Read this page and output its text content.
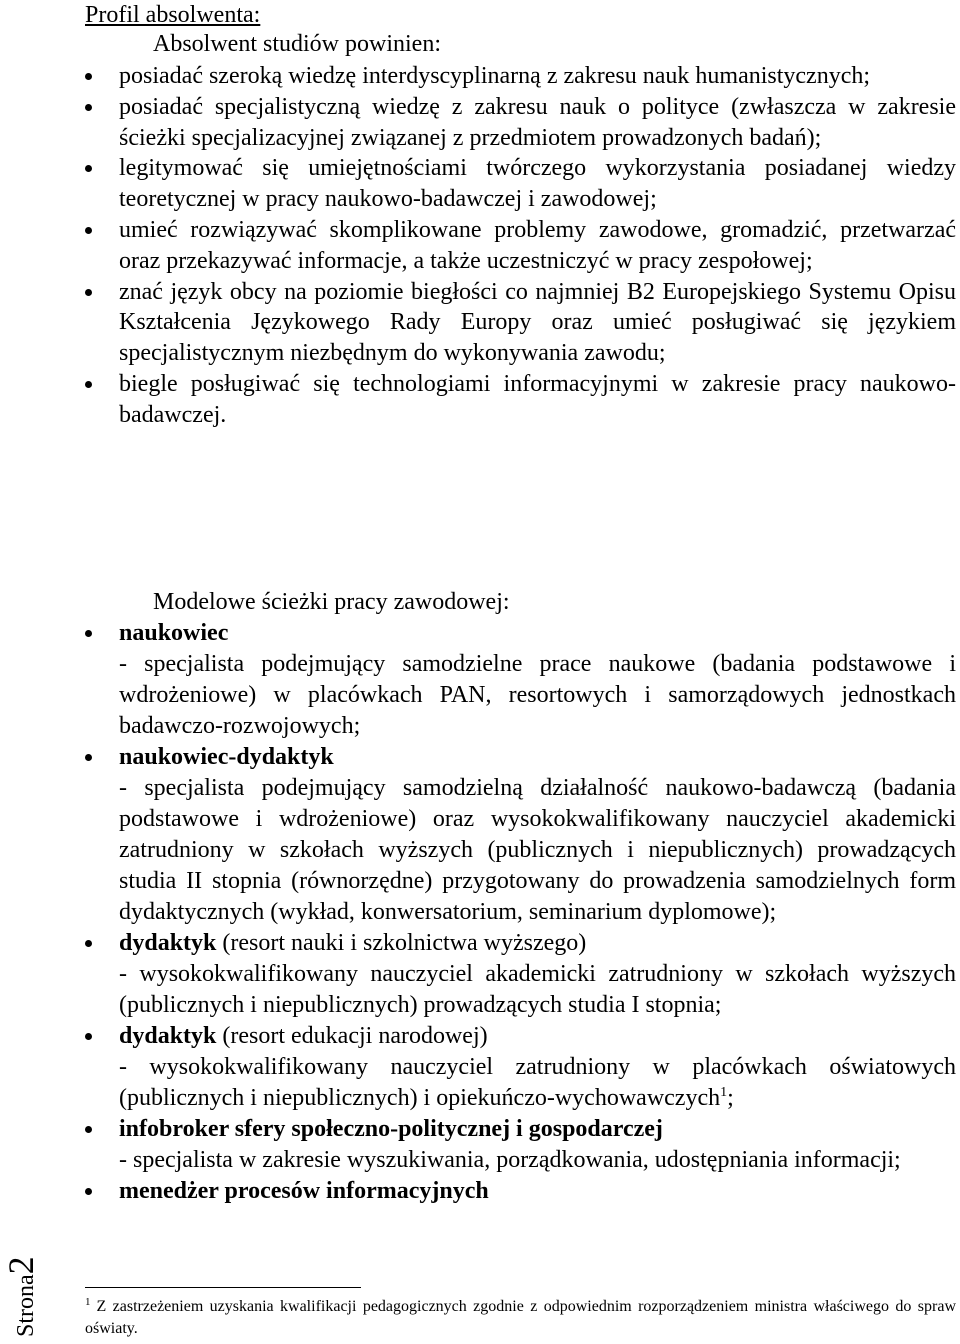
Profil absolwenta:
Absolwent studiów powinien:
posiadać szeroką wiedzę interdyscyplinarną z zakresu nauk humanistycznych;
posiadać specjalistyczną wiedzę z zakresu nauk o polityce (zwłaszcza w zakresie ścieżki specjalizacyjnej związanej z przedmiotem prowadzonych badań);
legitymować się umiejętnościami twórczego wykorzystania posiadanej wiedzy teoretycznej w pracy naukowo-badawczej i zawodowej;
umieć rozwiązywać skomplikowane problemy zawodowe, gromadzić, przetwarzać oraz przekazywać informacje, a także uczestniczyć w pracy zespołowej;
znać język obcy na poziomie biegłości co najmniej B2 Europejskiego Systemu Opisu Kształcenia Językowego Rady Europy oraz umieć posługiwać się językiem specjalistycznym niezbędnym do wykonywania zawodu;
biegle posługiwać się technologiami informacyjnymi w zakresie pracy naukowo-badawczej.
Modelowe ścieżki pracy zawodowej:
naukowiec
- specjalista podejmujący samodzielne prace naukowe (badania podstawowe i wdrożeniowe) w placówkach PAN, resortowych i samorządowych jednostkach badawczo-rozwojowych;
naukowiec-dydaktyk
- specjalista podejmujący samodzielną działalność naukowo-badawczą (badania podstawowe i wdrożeniowe) oraz wysokokwalifikowany nauczyciel akademicki zatrudniony w szkołach wyższych (publicznych i niepublicznych) prowadzących studia II stopnia (równorzędne) przygotowany do prowadzenia samodzielnych form dydaktycznych (wykład, konwersatorium, seminarium dyplomowe);
dydaktyk (resort nauki i szkolnictwa wyższego)
- wysokokwalifikowany nauczyciel akademicki zatrudniony w szkołach wyższych (publicznych i niepublicznych) prowadzących studia I stopnia;
dydaktyk (resort edukacji narodowej)
- wysokokwalifikowany nauczyciel zatrudniony w placówkach oświatowych (publicznych i niepublicznych) i opiekuńczo-wychowawczych$^1$;
infobroker sfery społeczno-politycznej i gospodarczej
- specjalista w zakresie wyszukiwania, porządkowania, udostępniania informacji;
menedżer procesów informacyjnych
$^1$ Z zastrzeżeniem uzyskania kwalifikacji pedagogicznych zgodnie z odpowiednim rozporządzeniem ministra właściwego do spraw oświaty.
Strona2
